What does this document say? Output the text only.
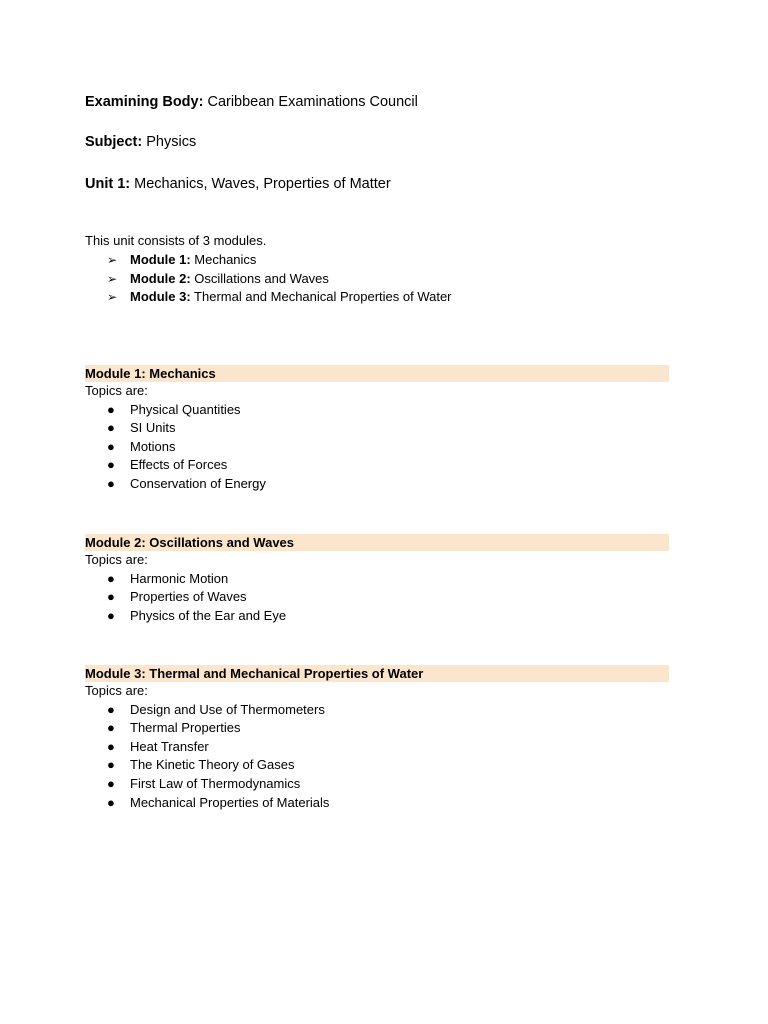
Examining Body: Caribbean Examinations Council
Subject: Physics
Unit 1: Mechanics, Waves, Properties of Matter
This unit consists of 3 modules.
➢ Module 1: Mechanics
➢ Module 2: Oscillations and Waves
➢ Module 3: Thermal and Mechanical Properties of Water
Module 1: Mechanics
Topics are:
● Physical Quantities
● SI Units
● Motions
● Effects of Forces
● Conservation of Energy
Module 2: Oscillations and Waves
Topics are:
● Harmonic Motion
● Properties of Waves
● Physics of the Ear and Eye
Module 3: Thermal and Mechanical Properties of Water
Topics are:
● Design and Use of Thermometers
● Thermal Properties
● Heat Transfer
● The Kinetic Theory of Gases
● First Law of Thermodynamics
● Mechanical Properties of Materials
